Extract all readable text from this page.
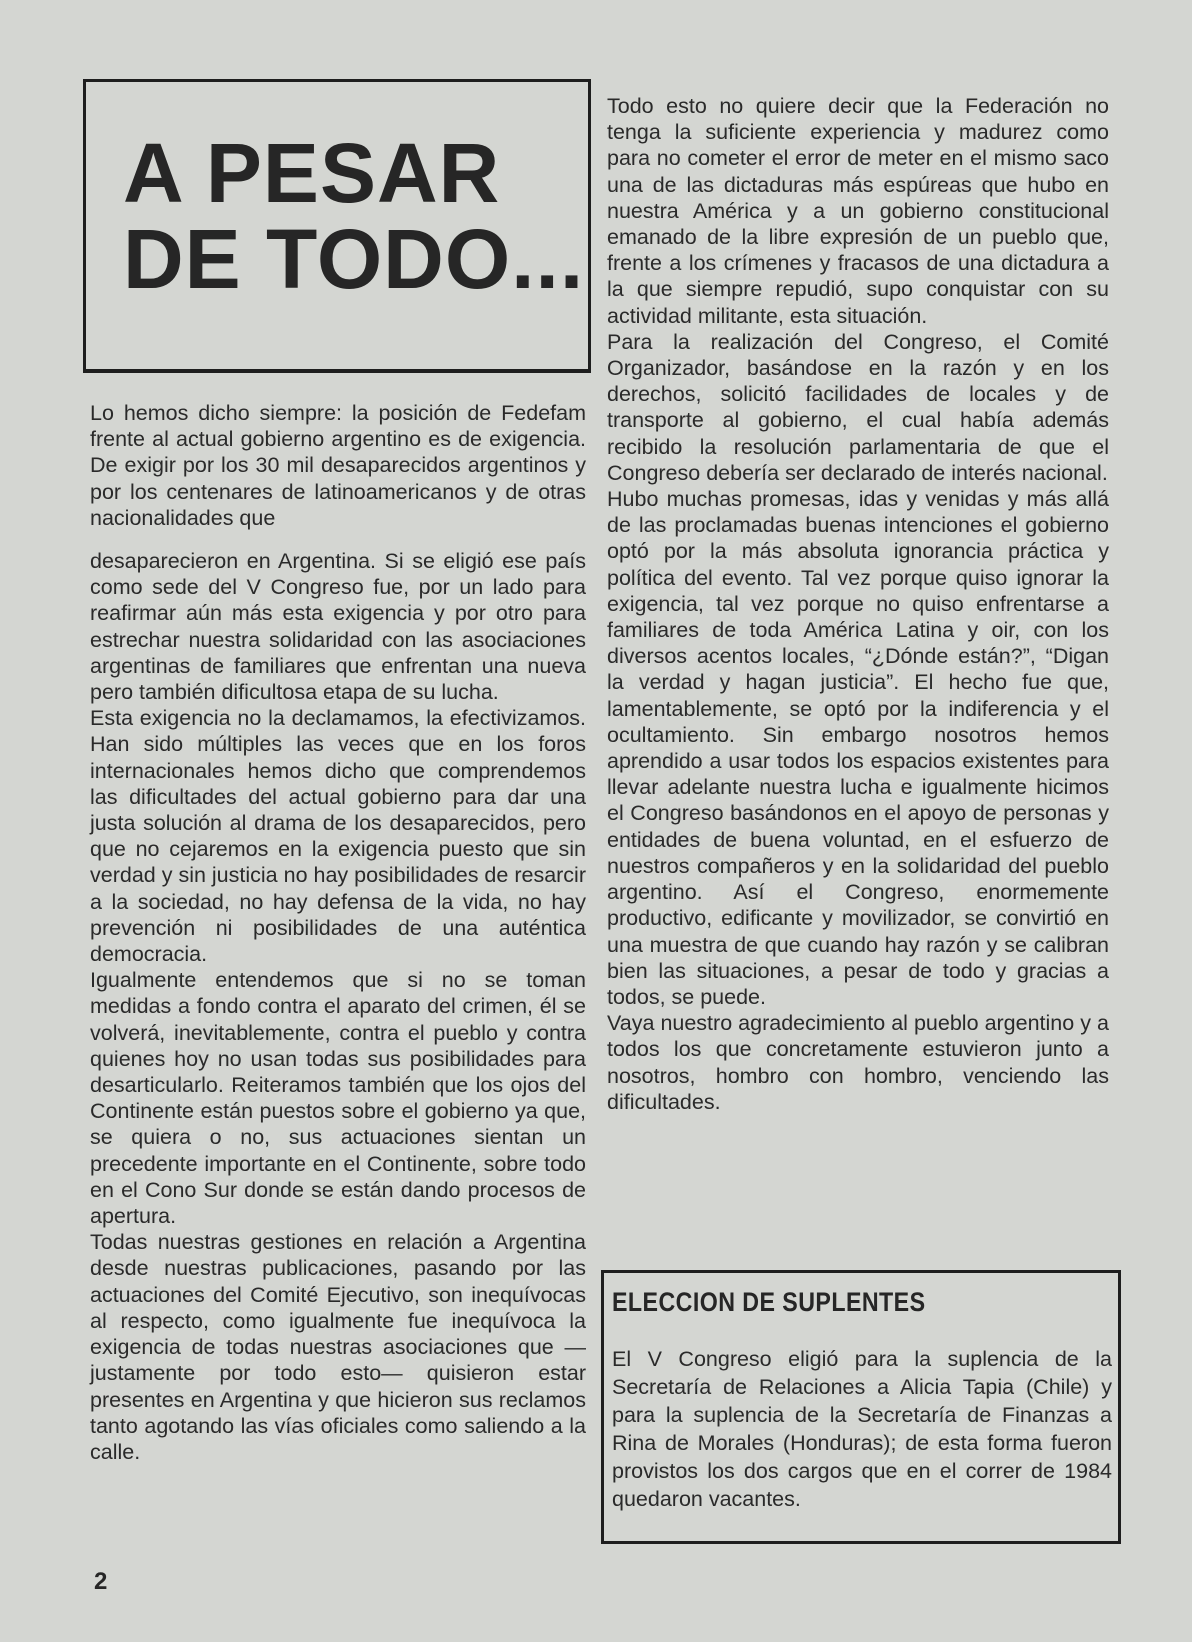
A PESAR
DE TODO...

Lo hemos dicho siempre: la posición de Fedefam frente al actual gobierno argentino es de exigencia. De exigir por los 30 mil desaparecidos argentinos y por los centenares de latinoamericanos y de otras nacionalidades que

desaparecieron en Argentina. Si se eligió ese país como sede del V Congreso fue, por un lado para reafirmar aún más esta exigencia y por otro para estrechar nuestra solidaridad con las asociaciones argentinas de familiares que enfrentan una nueva pero también dificultosa etapa de su lucha.

Esta exigencia no la declamamos, la efectivizamos. Han sido múltiples las veces que en los foros internacionales hemos dicho que comprendemos las dificultades del actual gobierno para dar una justa solución al drama de los desaparecidos, pero que no cejaremos en la exigencia puesto que sin verdad y sin justicia no hay posibilidades de resarcir a la sociedad, no hay defensa de la vida, no hay prevención ni posibilidades de una auténtica democracia.

Igualmente entendemos que si no se toman medidas a fondo contra el aparato del crimen, él se volverá, inevitablemente, contra el pueblo y contra quienes hoy no usan todas sus posibilidades para desarticularlo. Reiteramos también que los ojos del Continente están puestos sobre el gobierno ya que, se quiera o no, sus actuaciones sientan un precedente importante en el Continente, sobre todo en el Cono Sur donde se están dando procesos de apertura.

Todas nuestras gestiones en relación a Argentina desde nuestras publicaciones, pasando por las actuaciones del Comité Ejecutivo, son inequívocas al respecto, como igualmente fue inequívoca la exigencia de todas nuestras asociaciones que —justamente por todo esto— quisieron estar presentes en Argentina y que hicieron sus reclamos tanto agotando las vías oficiales como saliendo a la calle.

Todo esto no quiere decir que la Federación no tenga la suficiente experiencia y madurez como para no cometer el error de meter en el mismo saco una de las dictaduras más espúreas que hubo en nuestra América y a un gobierno constitucional emanado de la libre expresión de un pueblo que, frente a los crímenes y fracasos de una dictadura a la que siempre repudió, supo conquistar con su actividad militante, esta situación.

Para la realización del Congreso, el Comité Organizador, basándose en la razón y en los derechos, solicitó facilidades de locales y de transporte al gobierno, el cual había además recibido la resolución parlamentaria de que el Congreso debería ser declarado de interés nacional.

Hubo muchas promesas, idas y venidas y más allá de las proclamadas buenas intenciones el gobierno optó por la más absoluta ignorancia práctica y política del evento. Tal vez porque quiso ignorar la exigencia, tal vez porque no quiso enfrentarse a familiares de toda América Latina y oir, con los diversos acentos locales, “¿Dónde están?”, “Digan la verdad y hagan justicia”. El hecho fue que, lamentablemente, se optó por la indiferencia y el ocultamiento. Sin embargo nosotros hemos aprendido a usar todos los espacios existentes para llevar adelante nuestra lucha e igualmente hicimos el Congreso basándonos en el apoyo de personas y entidades de buena voluntad, en el esfuerzo de nuestros compañeros y en la solidaridad del pueblo argentino. Así el Congreso, enormemente productivo, edificante y movilizador, se convirtió en una muestra de que cuando hay razón y se calibran bien las situaciones, a pesar de todo y gracias a todos, se puede.

Vaya nuestro agradecimiento al pueblo argentino y a todos los que concretamente estuvieron junto a nosotros, hombro con hombro, venciendo las dificultades.

ELECCION DE SUPLENTES

El V Congreso eligió para la suplencia de la Secretaría de Relaciones a Alicia Tapia (Chile) y para la suplencia de la Secretaría de Finanzas a Rina de Morales (Honduras); de esta forma fueron provistos los dos cargos que en el correr de 1984 quedaron vacantes.

2
